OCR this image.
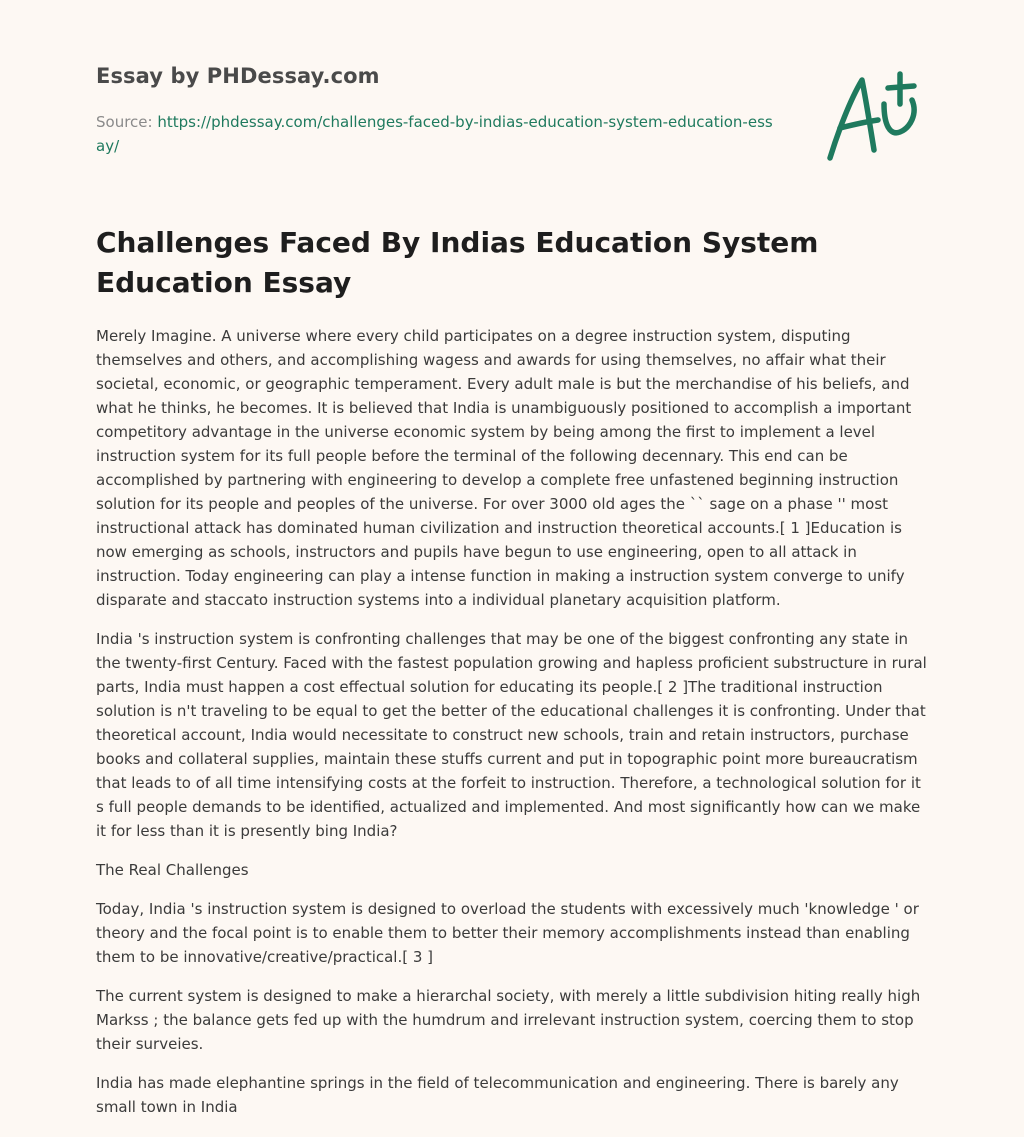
Essay by PHDessay.com
Source: https://phdessay.com/challenges-faced-by-indias-education-system-education-essay/
Challenges Faced By Indias Education System Education Essay

Merely Imagine. A universe where every child participates on a degree instruction system, disputing themselves and others, and accomplishing wagess and awards for using themselves, no affair what their societal, economic, or geographic temperament. Every adult male is but the merchandise of his beliefs, and what he thinks, he becomes. It is believed that India is unambiguously positioned to accomplish a important competitory advantage in the universe economic system by being among the first to implement a level instruction system for its full people before the terminal of the following decennary. This end can be accomplished by partnering with engineering to develop a complete free unfastened beginning instruction solution for its people and peoples of the universe. For over 3000 old ages the `` sage on a phase '' most instructional attack has dominated human civilization and instruction theoretical accounts.[ 1 ]Education is now emerging as schools, instructors and pupils have begun to use engineering, open to all attack in instruction. Today engineering can play a intense function in making a instruction system converge to unify disparate and staccato instruction systems into a individual planetary acquisition platform.

India 's instruction system is confronting challenges that may be one of the biggest confronting any state in the twenty-first Century. Faced with the fastest population growing and hapless proficient substructure in rural parts, India must happen a cost effectual solution for educating its people.[ 2 ]The traditional instruction solution is n't traveling to be equal to get the better of the educational challenges it is confronting. Under that theoretical account, India would necessitate to construct new schools, train and retain instructors, purchase books and collateral supplies, maintain these stuffs current and put in topographic point more bureaucratism that leads to of all time intensifying costs at the forfeit to instruction. Therefore, a technological solution for it s full people demands to be identified, actualized and implemented. And most significantly how can we make it for less than it is presently bing India?

The Real Challenges

Today, India 's instruction system is designed to overload the students with excessively much 'knowledge ' or theory and the focal point is to enable them to better their memory accomplishments instead than enabling them to be innovative/creative/practical.[ 3 ]

The current system is designed to make a hierarchal society, with merely a little subdivision hiting really high Markss ; the balance gets fed up with the humdrum and irrelevant instruction system, coercing them to stop their surveies.

India has made elephantine springs in the field of telecommunication and engineering. There is barely any small town in India
